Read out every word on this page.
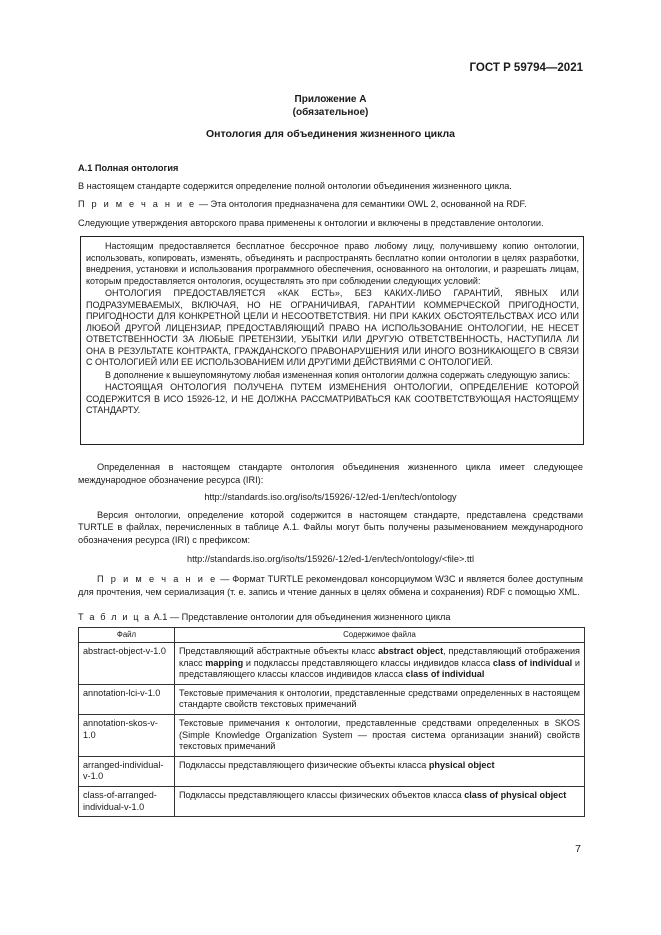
ГОСТ Р 59794—2021
Приложение А
(обязательное)
Онтология для объединения жизненного цикла

А.1 Полная онтология

В настоящем стандарте содержится определение полной онтологии объединения жизненного цикла.

П р и м е ч а н и е — Эта онтология предназначена для семантики OWL 2, основанной на RDF.

Следующие утверждения авторского права применены к онтологии и включены в представление онтологии.

Настоящим предоставляется бесплатное бессрочное право любому лицу, получившему копию онтологии, использовать, копировать, изменять, объединять и распространять бесплатно копии онтологии в целях разработки, внедрения, установки и использования программного обеспечения, основанного на онтологии, и разрешать лицам, которым предоставляется онтология, осуществлять это при соблюдении следующих условий:

ОНТОЛОГИЯ ПРЕДОСТАВЛЯЕТСЯ «КАК ЕСТЬ», БЕЗ КАКИХ-ЛИБО ГАРАНТИЙ, ЯВНЫХ ИЛИ ПОДРАЗУМЕВАЕМЫХ, ВКЛЮЧАЯ, НО НЕ ОГРАНИЧИВАЯ, ГАРАНТИИ КОММЕРЧЕСКОЙ ПРИГОДНОСТИ, ПРИГОДНОСТИ ДЛЯ КОНКРЕТНОЙ ЦЕЛИ И НЕСООТВЕТСТВИЯ. НИ ПРИ КАКИХ ОБСТОЯТЕЛЬСТВАХ ИСО ИЛИ ЛЮБОЙ ДРУГОЙ ЛИЦЕНЗИАР, ПРЕДОСТАВЛЯЮЩИЙ ПРАВО НА ИСПОЛЬЗОВАНИЕ ОНТОЛОГИИ, НЕ НЕСЕТ ОТВЕТСТВЕННОСТИ ЗА ЛЮБЫЕ ПРЕТЕНЗИИ, УБЫТКИ ИЛИ ДРУГУЮ ОТВЕТСТВЕННОСТЬ, НАСТУПИЛА ЛИ ОНА В РЕЗУЛЬТАТЕ КОНТРАКТА, ГРАЖДАНСКОГО ПРАВОНАРУШЕНИЯ ИЛИ ИНОГО ВОЗНИКАЮЩЕГО В СВЯЗИ С ОНТОЛОГИЕЙ ИЛИ ЕЕ ИСПОЛЬЗОВАНИЕМ ИЛИ ДРУГИМИ ДЕЙСТВИЯМИ С ОНТОЛОГИЕЙ.

В дополнение к вышеупомянутому любая измененная копия онтологии должна содержать следующую запись:

НАСТОЯЩАЯ ОНТОЛОГИЯ ПОЛУЧЕНА ПУТЕМ ИЗМЕНЕНИЯ ОНТОЛОГИИ, ОПРЕДЕЛЕНИЕ КОТОРОЙ СОДЕРЖИТСЯ В ИСО 15926-12, И НЕ ДОЛЖНА РАССМАТРИВАТЬСЯ КАК СООТВЕТСТВУЮЩАЯ НАСТОЯЩЕМУ СТАНДАРТУ.

Определенная в настоящем стандарте онтология объединения жизненного цикла имеет следующее международное обозначение ресурса (IRI):

http://standards.iso.org/iso/ts/15926/-12/ed-1/en/tech/ontology

Версия онтологии, определение которой содержится в настоящем стандарте, представлена средствами TURTLE в файлах, перечисленных в таблице А.1. Файлы могут быть получены разыменованием международного обозначения ресурса (IRI) с префиксом:

http://standards.iso.org/iso/ts/15926/-12/ed-1/en/tech/ontology/<file>.ttl

П р и м е ч а н и е — Формат TURTLE рекомендовал консорциумом W3C и является более доступным для прочтения, чем сериализация (т. е. запись и чтение данных в целях обмена и сохранения) RDF с помощью XML.

Т а б л и ц а А.1 — Представление онтологии для объединения жизненного цикла
Файл	Содержимое файла
abstract-object-v-1.0	Представляющий абстрактные объекты класс abstract object, представляющий отображения класс mapping и подклассы представляющего классы индивидов класса class of individual и представляющего классы классов индивидов класса class of individual
annotation-lci-v-1.0	Текстовые примечания к онтологии, представленные средствами определенных в настоящем стандарте свойств текстовых примечаний
annotation-skos-v-1.0	Текстовые примечания к онтологии, представленные средствами определенных в SKOS (Simple Knowledge Organization System — простая система организации знаний) свойств текстовых примечаний
arranged-individual-v-1.0	Подклассы представляющего физические объекты класса physical object
class-of-arranged-individual-v-1.0	Подклассы представляющего классы физических объектов класса class of physical object
7
